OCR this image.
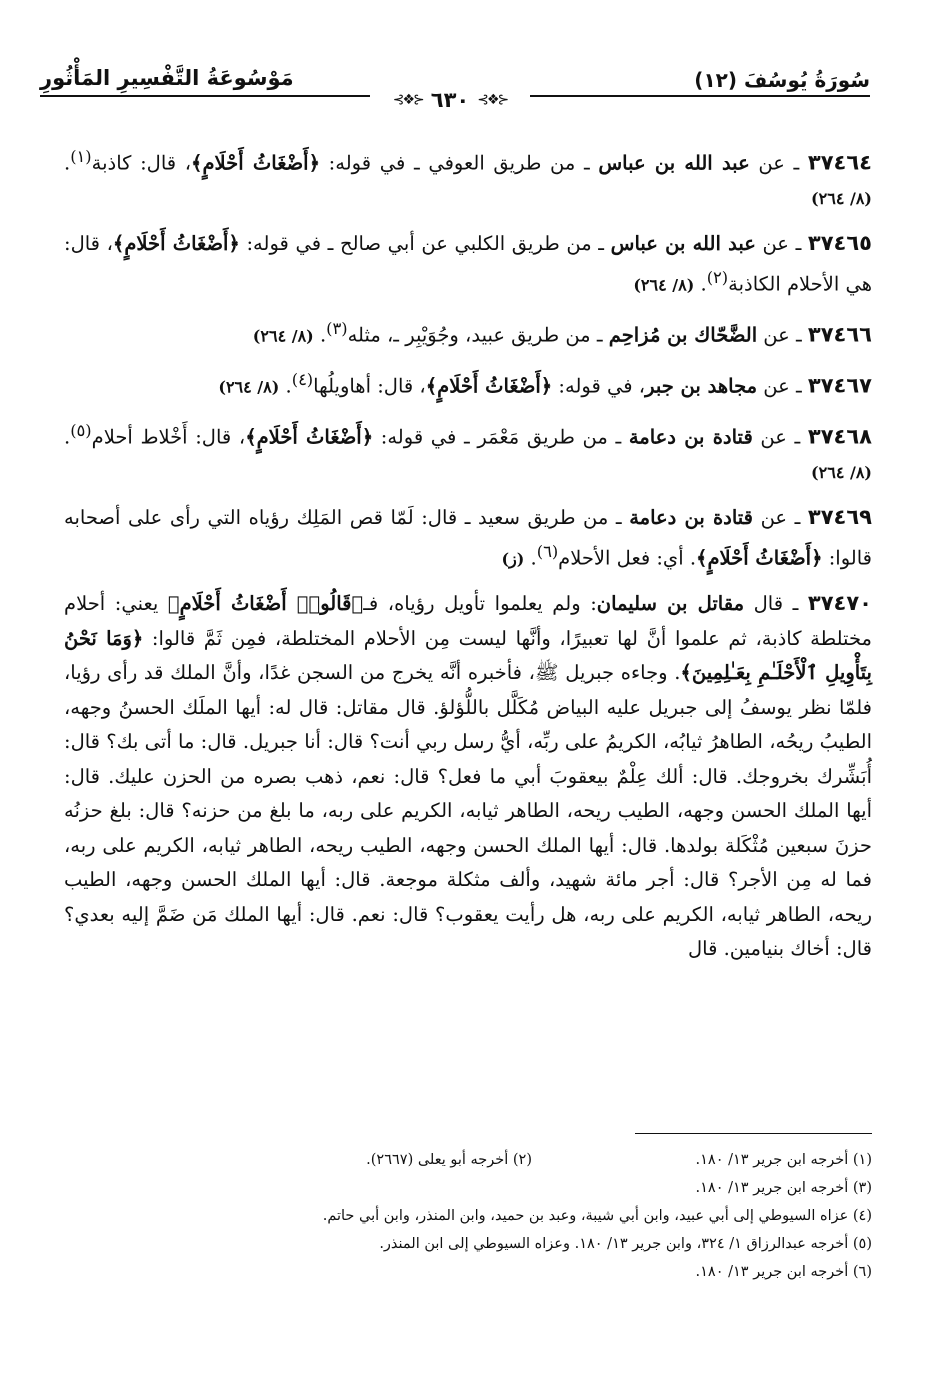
سُورَةُ يُوسُفَ (١٢)
مَوْسُوعَةُ التَّفْسِيرِ المَأْثُورِ
⊰❖⊱ ٦٣٠ ⊰❖⊱

٣٧٤٦٤ ـ عن عبد الله بن عباس ـ من طريق العوفي ـ في قوله: ﴿أَضْغَاثُ أَحْلَامٍ﴾، قال: كاذبة$^{(١)}$. (٨/ ٢٦٤)

٣٧٤٦٥ ـ عن عبد الله بن عباس ـ من طريق الكلبي عن أبي صالح ـ في قوله: ﴿أَضْغَاثُ أَحْلَامٍ﴾، قال: هي الأحلام الكاذبة$^{(٢)}$. (٨/ ٢٦٤)

٣٧٤٦٦ ـ عن الضَّحّاك بن مُزاحِم ـ من طريق عبيد، وجُوَيْبِر ـ، مثله$^{(٣)}$. (٨/ ٢٦٤)

٣٧٤٦٧ ـ عن مجاهد بن جبر، في قوله: ﴿أَضْغَاثُ أَحْلَامٍ﴾، قال: أهاويلُها$^{(٤)}$. (٨/ ٢٦٤)

٣٧٤٦٨ ـ عن قتادة بن دعامة ـ من طريق مَعْمَر ـ في قوله: ﴿أَضْغَاثُ أَحْلَامٍ﴾، قال: أَخْلاط أحلام$^{(٥)}$. (٨/ ٢٦٤)

٣٧٤٦٩ ـ عن قتادة بن دعامة ـ من طريق سعيد ـ قال: لَمّا قص المَلِك رؤياه التي رأى على أصحابه قالوا: ﴿أَضْغَاثُ أَحْلَامٍ﴾. أي: فعل الأحلام$^{(٦)}$. (ز)

٣٧٤٧٠ ـ قال مقاتل بن سليمان: ولم يعلموا تأويل رؤياه، فـ﴿قَالُوا۟ أَضْغَاثُ أَحْلَامٍ﴾ يعني: أحلام مختلطة كاذبة، ثم علموا أنَّ لها تعبيرًا، وأنَّها ليست مِن الأحلام المختلطة، فمِن ثَمَّ قالوا: ﴿وَمَا نَحْنُ بِتَأْوِيلِ ٱلْأَحْلَـٰمِ بِعَـٰلِمِينَ﴾. وجاءه جبريل ﷺ، فأخبره أنَّه يخرج من السجن غدًا، وأنَّ الملك قد رأى رؤيا، فلمّا نظر يوسفُ إلى جبريل عليه البياض مُكَلَّل باللُّؤلؤ. قال مقاتل: قال له: أيها الملَك الحسنُ وجهه، الطيبُ ريحُه، الطاهرُ ثيابُه، الكريمُ على ربِّه، أيُّ رسل ربي أنت؟ قال: أنا جبريل. قال: ما أتى بك؟ قال: أُبَشِّرك بخروجك. قال: ألك عِلْمٌ بيعقوبَ أبي ما فعل؟ قال: نعم، ذهب بصره من الحزن عليك. قال: أيها الملك الحسن وجهه، الطيب ريحه، الطاهر ثيابه، الكريم على ربه، ما بلغ من حزنه؟ قال: بلغ حزنُه حزنَ سبعين مُثْكَلة بولدها. قال: أيها الملك الحسن وجهه، الطيب ريحه، الطاهر ثيابه، الكريم على ربه، فما له مِن الأجر؟ قال: أجر مائة شهيد، وألف مثكلة موجعة. قال: أيها الملك الحسن وجهه، الطيب ريحه، الطاهر ثيابه، الكريم على ربه، هل رأيت يعقوب؟ قال: نعم. قال: أيها الملك مَن ضَمَّ إليه بعدي؟ قال: أخاك بنيامين. قال

(١) أخرجه ابن جرير ١٣/ ١٨٠.
(٢) أخرجه أبو يعلى (٢٦٦٧).
(٣) أخرجه ابن جرير ١٣/ ١٨٠.
(٤) عزاه السيوطي إلى أبي عبيد، وابن أبي شيبة، وعبد بن حميد، وابن المنذر، وابن أبي حاتم.
(٥) أخرجه عبدالرزاق ١/ ٣٢٤، وابن جرير ١٣/ ١٨٠. وعزاه السيوطي إلى ابن المنذر.
(٦) أخرجه ابن جرير ١٣/ ١٨٠.
